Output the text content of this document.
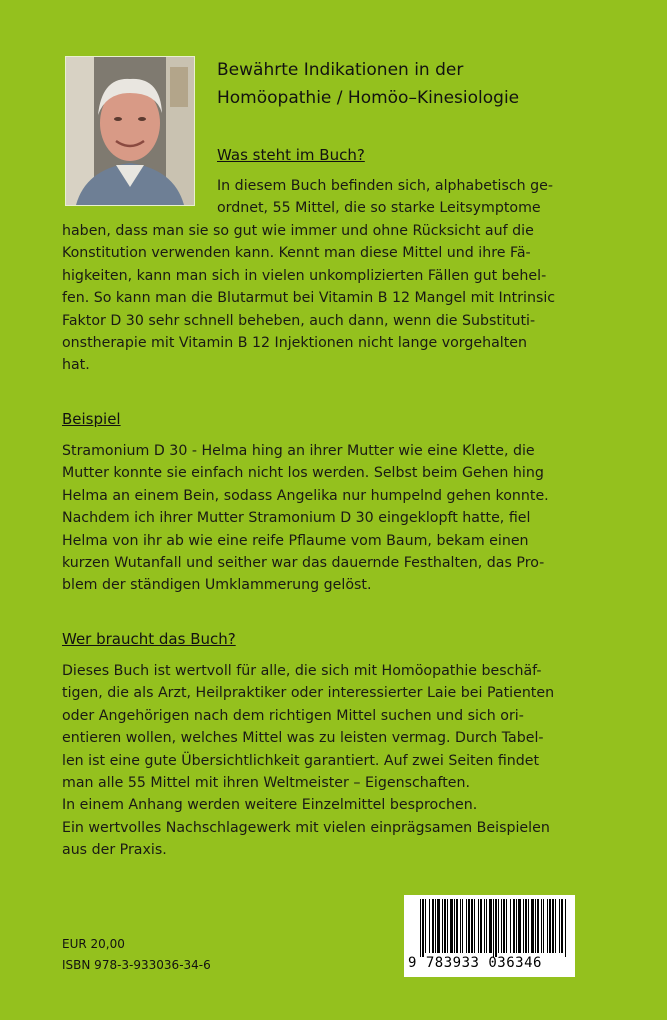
Bewährte Indikationen in der
Homöopathie / Homöo–Kinesiologie
Was steht im Buch?
In diesem Buch befinden sich, alphabetisch ge-
ordnet, 55 Mittel, die so starke Leitsymptome
haben, dass man sie so gut wie immer und ohne Rücksicht auf die
Konstitution verwenden kann. Kennt man diese Mittel und ihre Fä-
higkeiten, kann man sich in vielen unkomplizierten Fällen gut behel-
fen. So kann man die Blutarmut bei Vitamin B 12 Mangel mit Intrinsic
Faktor D 30 sehr schnell beheben, auch dann, wenn die Substituti-
onstherapie mit Vitamin B 12 Injektionen nicht lange vorgehalten
hat.
Beispiel
Stramonium D 30 - Helma hing an ihrer Mutter wie eine Klette, die
Mutter konnte sie einfach nicht los werden. Selbst beim Gehen hing
Helma an einem Bein, sodass Angelika nur humpelnd gehen konnte.
Nachdem ich ihrer Mutter Stramonium D 30 eingeklopft hatte, fiel
Helma von ihr ab wie eine reife Pflaume vom Baum, bekam einen
kurzen Wutanfall und seither war das dauernde Festhalten, das Pro-
blem der ständigen Umklammerung gelöst.
Wer braucht das Buch?
Dieses Buch ist wertvoll für alle, die sich mit Homöopathie beschäf-
tigen, die als Arzt, Heilpraktiker oder interessierter Laie bei Patienten
oder Angehörigen nach dem richtigen Mittel suchen und sich ori-
entieren wollen, welches Mittel was zu leisten vermag. Durch Tabel-
len ist eine gute Übersichtlichkeit garantiert. Auf zwei Seiten findet
man alle 55 Mittel mit ihren Weltmeister – Eigenschaften.
In einem Anhang werden weitere Einzelmittel besprochen.
Ein wertvolles Nachschlagewerk mit vielen einprägsamen Beispielen
aus der Praxis.
EUR 20,00
ISBN 978-3-933036-34-6	9 783933 036346
